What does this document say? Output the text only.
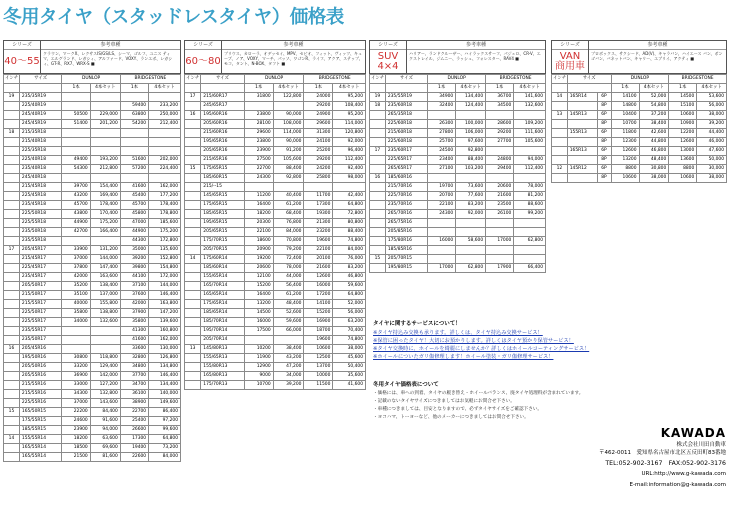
冬用タイヤ（スタッドレスタイヤ）価格表
シリーズ
40〜55
参考車種
クラウン、マークX、レクサスIS/GS/LS、シーマ、ゴルフ、ユニス ティマ、エルグランド、レガシィ、アルファード、VOXY、ランエボ、レガシィ、GT-R、RX7、WRX-S ■
インチ	サイズ	DUNLOP		BRIDGESTONE	
		1本	4本セット	1本	4本セット
19	235/35R19				
	225/40R19			59400	233,200
	245/40R19	50500	229,000	63800	250,000
	245/45R19	51400	201,200	54200	212,400
18	215/35R18				
	215/40R18				
	225/35R18				
	225/40R18	49400	193,200	51600	202,000
	235/40R18	54300	212,800	57200	224,400
	245/40R18				
	215/45R18	39700	154,400	41600	162,000
	225/45R18	43200	169,400	45400	177,200
	235/45R18	45700	178,400	45700	178,400
	225/50R18	43800	170,400	45800	178,800
	225/55R18	44900	175,200	47000	185,600
	235/50R18	42700	166,400	44900	175,200
	235/55R18			44300	172,800
17	205/45R17	33900	131,200	35000	135,600
	215/45R17	37000	144,000	39200	152,800
	225/45R17	37800	147,400	39800	154,800
	235/45R17	42000	163,600	44100	172,000
	205/50R17	35200	138,400	37100	144,000
	215/50R17	35100	137,000	37600	146,400
	215/55R17	40000	155,800	42000	163,800
	225/50R17	35800	138,800	37900	147,200
	225/55R17	34000	132,600	35800	139,600
	235/55R17			41300	160,800
	235/50R17			41600	162,000
16	205/45R16			33600	130,000
	195/50R16	30800	118,800	32800	126,800
	205/50R16	33200	129,400	34800	134,800
	205/55R16	36900	142,000	37700	146,400
	215/55R16	33000	127,200	34700	134,400
	215/55R16	34300	132,800	36100	140,000
	225/55R16	37000	143,600	38900	149,600
15	165/50R15	22200	84,400	22700	86,400
	175/55R15	24600	91,600	25400	97,200
	185/55R15	23900	94,000	26600	99,600
14	155/55R14	18200	63,600	17300	64,800
	165/55R14	18500	69,600	19400	73,200
	165/55R14	21500	81,600	22600	84,000
シリーズ
60〜80
参考車種
プリウス、カローラ、オデッセイ、MPV、セピオ、フィット、ヴィッツ、キューブ、ノア、VOXY、マーチ、パッソ、ワゴンR、ライフ、アクア、ステップ、モコ、タント、N-BOX、タフト ■
インチ	サイズ	DUNLOP		BRIDGESTONE	
		1本	4本セット	1本	4本セット
17	215/60R17	31800	122,800	24000	95,200
	245/65R17			29200	108,400
16	195/60R16	23800	90,000	24900	95,200
	205/60R16	28100	108,000	29600	114,000
	215/60R16	29600	114,000	31300	120,800
	195/65R16	23800	90,000	24100	92,000
	205/65R16	23900	91,200	25200	96,400
	215/65R16	27500	105,600	29200	112,400
15	175/65R15	22700	88,400	24200	92,400
	185/60R15	24300	92,800	25800	98,000
	215/--15				
	145/65R15	11200	40,400	11700	42,400
	175/65R15	16400	61,200	17300	64,800
	185/65R15	18200	68,400	19300	72,800
	195/65R15	20300	76,800	21300	80,800
	205/65R15	22100	84,000	23200	88,400
	175/70R15	18600	70,800	19600	74,800
	205/70R15	20900	79,200	22100	84,000
14	175/60R14	19200	72,400	20100	76,000
	185/60R14	20600	78,000	21600	83,200
	155/65R14	12100	44,000	12600	46,800
	165/70R14	15200	56,400	16000	59,600
	165/65R14	16400	61,200	17200	64,800
	175/65R14	13200	48,400	14100	52,000
	185/65R14	14500	52,600	15200	56,000
	185/70R14	16000	59,600	16900	63,200
	195/70R14	17500	66,000	18700	70,400
	205/70R14			19600	74,800
13	145/80R13	10200	38,400	10600	38,000
	155/65R13	11900	43,200	12500	45,600
	155/80R13	12900	47,200	13700	50,400
	165/80R13	9000	34,000	10000	35,600
	175/70R13	10700	39,200	11500	41,600
シリーズ
SUV
4×4
参考車種
ハリアー、ランドクルーザー、ハイラックスサーフ、パジェロ、CR-V、エクストレイル、ジムニー、ラッシュ、フォレスター、RAV4 ■
インチ	サイズ	DUNLOP		BRIDGESTONE	
		1本	4本セット	1本	4本セット
19	235/55R19	34900	134,400	36700	141,600
18	235/60R18	32400	124,400	34500	132,600
	265/35R18				
	225/60R18	26300	100,000	28600	109,200
	215/60R18	27800	106,000	29200	111,600
	225/60R18	25700	97,600	27700	105,600
17	235/60R17	24500	92,800		
	225/65R17	23400	88,400	24800	94,000
	265/65R17	27100	103,200	29400	112,400
16	185/60R16				
	215/70R16	19700	73,600	20600	78,000
	225/70R16	20700	77,600	21600	81,200
	235/70R16	22100	83,200	23500	88,600
	265/70R16	24300	92,000	26100	99,200
	265/75R16				
	205/85R16				
	175/80R16	16000	58,600	17000	62,800
	185/85R16				
15	205/70R15				
	195/80R15	17000	62,800	17900	66,400
シリーズ
VAN
商用車
参考車種
プロボックス、サクシード、AD(V)、キャラバン、ハイエース バン、ボンゴバン、バネットバン、キャリー、エブリイ、アクティ ■
インチ	サイズ		DUNLOP		BRIDGESTONE	
			1本	4本セット	1本	4本セット
14	165R14	6P	14100	52,000	14500	53,600
		8P	14800	54,800	15100	56,000
13	145R13	6P	10400	37,200	10600	38,000
		8P	10700	38,400	10900	39,200
	155R13	6P	11800	42,600	12200	44,400
		8P	12300	44,800	12600	46,000
	165R13	6P	12600	46,800	13000	47,600
		8P	13200	48,400	13600	50,000
12	145R12	6P	8800	30,800	8800	30,000
		8P	10600	38,000	10600	38,000
タイヤに関するサービスについて！
※タイヤ持込み交換も承ります。詳しくは、タイヤ持込み交換サービス！
※保管に困ったタイヤ！大切にお預かりします。詳しくはタイヤ預かり保管サービス！
※タイヤ交換時に、ホイールを綺麗にしませんか？詳しくはホイールコーティングサービス！
※ホイールについたガリ傷修理します！ホイール塗装・ガリ傷修理サービス！
冬用タイヤ価格表について
・価格には、車への到着、タイヤの履き替え・ホイールバランス、廃タイヤ処理料が含まれています。
・記載のないタイヤサイズにつきましてはお気軽にお問合せ下さい。
・車種につきましては、目安となりますので、必ずタイヤサイズをご確認下さい。
・ヨコハマ、トーヨーなど、他のメーカーにつきましてはお問合せ下さい。
KAWADA
株式会社川田自動車
〒462-0011　愛知県名古屋市北区五反田町83番地
TEL:052-902-3167　FAX:052-902-3176
URL:http://www.g-kawada.com
E-mail:information@g-kawada.com
